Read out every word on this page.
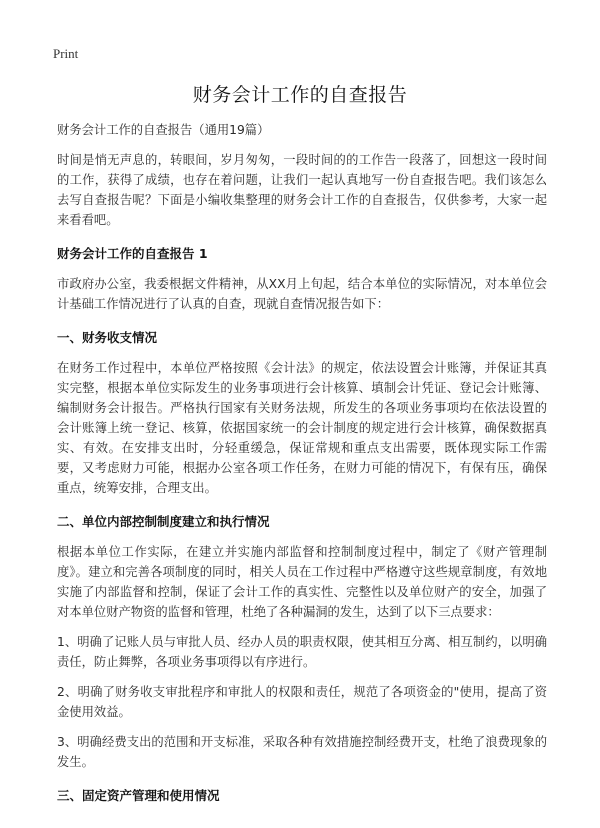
Print
财务会计工作的自查报告

财务会计工作的自查报告（通用19篇）

时间是悄无声息的，转眼间，岁月匆匆，一段时间的的工作告一段落了，回想这一段时间的工作，获得了成绩，也存在着问题，让我们一起认真地写一份自查报告吧。我们该怎么去写自查报告呢？下面是小编收集整理的财务会计工作的自查报告，仅供参考，大家一起来看看吧。

财务会计工作的自查报告 1

市政府办公室，我委根据文件精神，从XX月上旬起，结合本单位的实际情况，对本单位会计基础工作情况进行了认真的自查，现就自查情况报告如下：

一、财务收支情况

在财务工作过程中，本单位严格按照《会计法》的规定，依法设置会计账簿，并保证其真实完整，根据本单位实际发生的业务事项进行会计核算、填制会计凭证、登记会计账簿、编制财务会计报告。严格执行国家有关财务法规，所发生的各项业务事项均在依法设置的会计账簿上统一登记、核算，依据国家统一的会计制度的规定进行会计核算，确保数据真实、有效。在安排支出时，分轻重缓急，保证常规和重点支出需要，既体现实际工作需要，又考虑财力可能，根据办公室各项工作任务，在财力可能的情况下，有保有压，确保重点，统筹安排，合理支出。

二、单位内部控制制度建立和执行情况

根据本单位工作实际，在建立并实施内部监督和控制制度过程中，制定了《财产管理制度》。建立和完善各项制度的同时，相关人员在工作过程中严格遵守这些规章制度，有效地实施了内部监督和控制，保证了会计工作的真实性、完整性以及单位财产的安全，加强了对本单位财产物资的监督和管理，杜绝了各种漏洞的发生，达到了以下三点要求：

1、明确了记账人员与审批人员、经办人员的职责权限，使其相互分离、相互制约，以明确责任，防止舞弊，各项业务事项得以有序进行。

2、明确了财务收支审批程序和审批人的权限和责任，规范了各项资金的"使用，提高了资金使用效益。

3、明确经费支出的范围和开支标准，采取各种有效措施控制经费开支，杜绝了浪费现象的发生。

三、固定资产管理和使用情况
